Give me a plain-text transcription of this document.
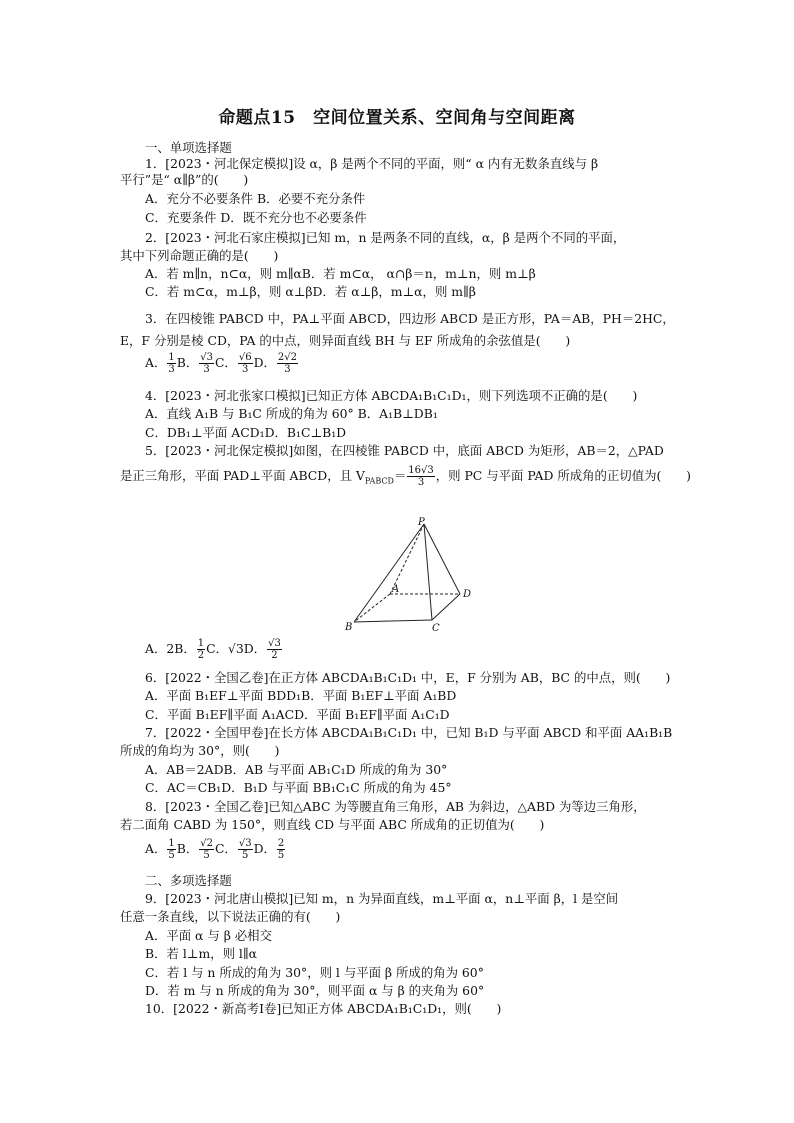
命题点15　空间位置关系、空间角与空间距离
一、单项选择题
1．[2023・河北保定模拟]设 α，β 是两个不同的平面，则“ α 内有无数条直线与 β
平行”是“ α∥β”的(　　)
A．充分不必要条件 B．必要不充分条件
C．充要条件 D．既不充分也不必要条件
2．[2023・河北石家庄模拟]已知 m，n 是两条不同的直线，α，β 是两个不同的平面，
其中下列命题正确的是(　　)
A．若 m∥n，n⊂α，则 m∥αB．若 m⊂α， α∩β＝n，m⊥n，则 m⊥β
C．若 m⊂α，m⊥β，则 α⊥βD．若 α⊥β，m⊥α，则 m∥β
3．在四棱锥 PABCD 中，PA⊥平面 ABCD，四边形 ABCD 是正方形，PA＝AB，PH＝2HC，
E，F 分别是棱 CD，PA 的中点，则异面直线 BH 与 EF 所成角的余弦值是(　　)
A． $\frac{1}{3}$ B． $\frac{√3}{3}$ C． $\frac{√6}{3}$ D． $\frac{2√2}{3}$
4．[2023・河北张家口模拟]已知正方体 ABCDA₁B₁C₁D₁，则下列选项不正确的是(　　)
A．直线 A₁B 与 B₁C 所成的角为 60° B．A₁B⊥DB₁
C．DB₁⊥平面 ACD₁D．B₁C⊥B₁D
5．[2023・河北保定模拟]如图，在四棱锥 PABCD 中，底面 ABCD 为矩形，AB＝2，△PAD
是正三角形，平面 PAD⊥平面 ABCD，且 $V_{PABCD}= \frac{16√3}{3}$ ，则 PC 与平面 PAD 所成角的正切值为(　　)
P
A
B	C
D
A．2B． $\frac{1}{2}$ C．√3D． $\frac{√3}{2}$
6．[2022・全国乙卷]在正方体 ABCDA₁B₁C₁D₁ 中，E，F 分别为 AB，BC 的中点，则(　　)
A．平面 B₁EF⊥平面 BDD₁B．平面 B₁EF⊥平面 A₁BD
C．平面 B₁EF∥平面 A₁ACD．平面 B₁EF∥平面 A₁C₁D
7．[2022・全国甲卷]在长方体 ABCDA₁B₁C₁D₁ 中，已知 B₁D 与平面 ABCD 和平面 AA₁B₁B
所成的角均为 30°，则(　　)
A．AB＝2ADB．AB 与平面 AB₁C₁D 所成的角为 30°
C．AC＝CB₁D．B₁D 与平面 BB₁C₁C 所成的角为 45°
8．[2023・全国乙卷]已知△ABC 为等腰直角三角形，AB 为斜边，△ABD 为等边三角形，
若二面角 CABD 为 150°，则直线 CD 与平面 ABC 所成角的正切值为(　　)
A． $\frac{1}{5}$ B． $\frac{√2}{5}$ C． $\frac{√3}{5}$ D． $\frac{2}{5}$
二、多项选择题
9．[2023・河北唐山模拟]已知 m，n 为异面直线，m⊥平面 α，n⊥平面 β，l 是空间
任意一条直线，以下说法正确的有(　　)
A．平面 α 与 β 必相交
B．若 l⊥m，则 l∥α
C．若 l 与 n 所成的角为 30°，则 l 与平面 β 所成的角为 60°
D．若 m 与 n 所成的角为 30°，则平面 α 与 β 的夹角为 60°
10．[2022・新高考Ⅰ卷]已知正方体 ABCDA₁B₁C₁D₁，则(　　)
